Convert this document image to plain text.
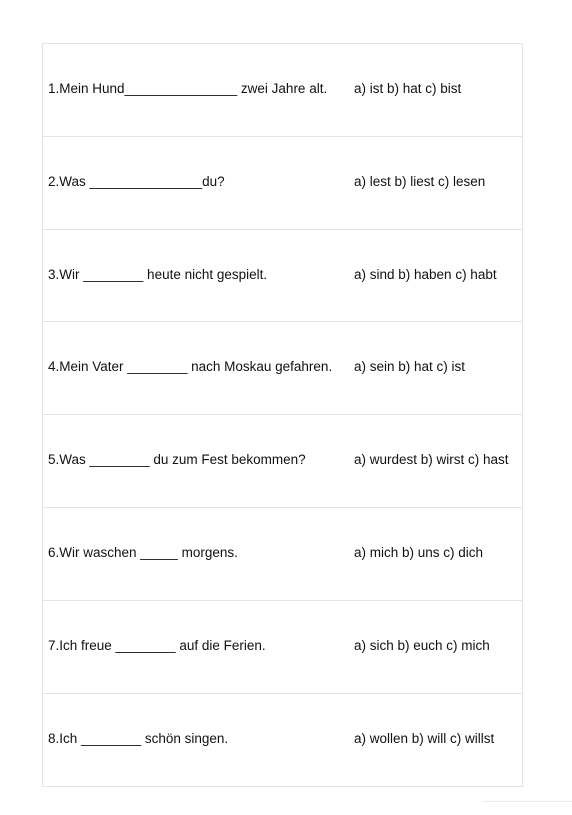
1.Mein Hund_______________ zwei Jahre alt. a) ist b) hat c) bist
2.Was _______________du?	a) lest b) liest c) lesen
3.Wir ________ heute nicht gespielt.	a) sind b) haben c) habt
4.Mein Vater ________ nach Moskau gefahren. a) sein b) hat c) ist
5.Was ________ du zum Fest bekommen?	a) wurdest b) wirst c) hast
6.Wir waschen _____ morgens.	a) mich b) uns c) dich
7.Ich freue ________ auf die Ferien.	a) sich b) euch c) mich
8.Ich ________ schön singen.	a) wollen b) will c) willst
